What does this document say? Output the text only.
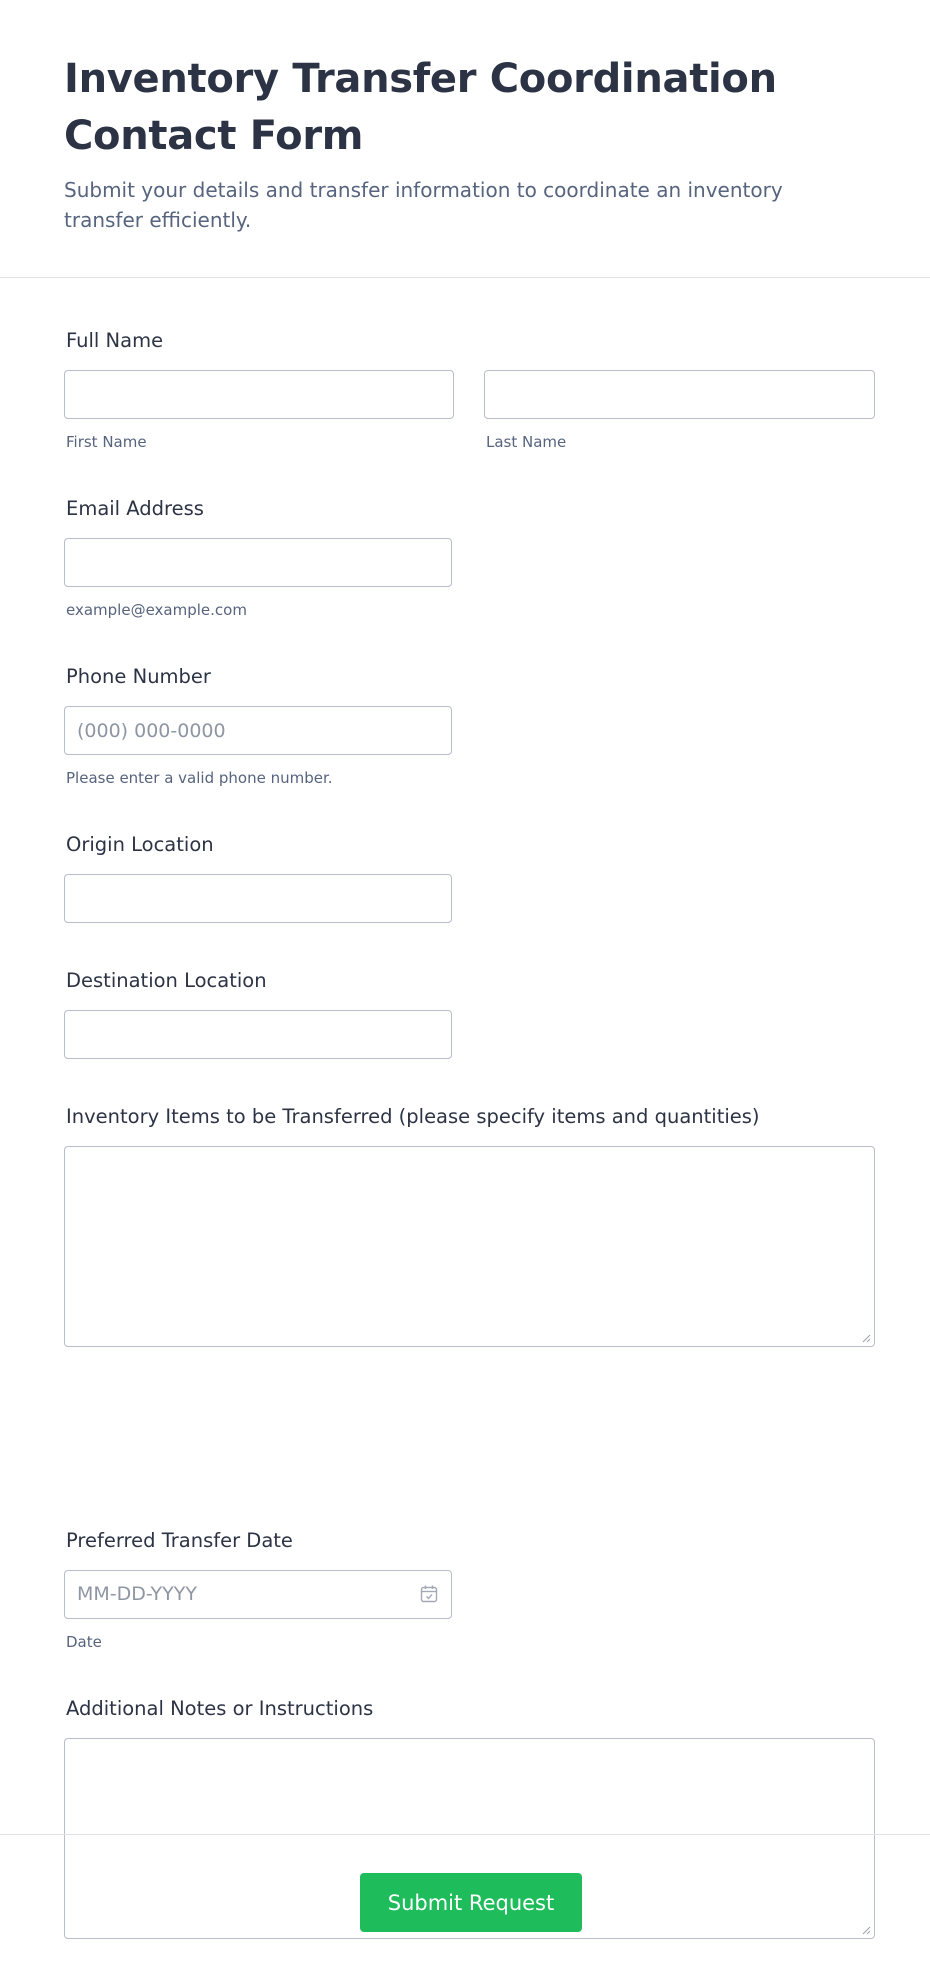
Inventory Transfer Coordination Contact Form
Submit your details and transfer information to coordinate an inventory transfer efficiently.
Full Name
First Name	Last Name
Email Address
example@example.com
Phone Number
(000) 000-0000
Please enter a valid phone number.
Origin Location
Destination Location
Inventory Items to be Transferred (please specify items and quantities)
Preferred Transfer Date
MM-DD-YYYY
Date
Additional Notes or Instructions
Submit Request
